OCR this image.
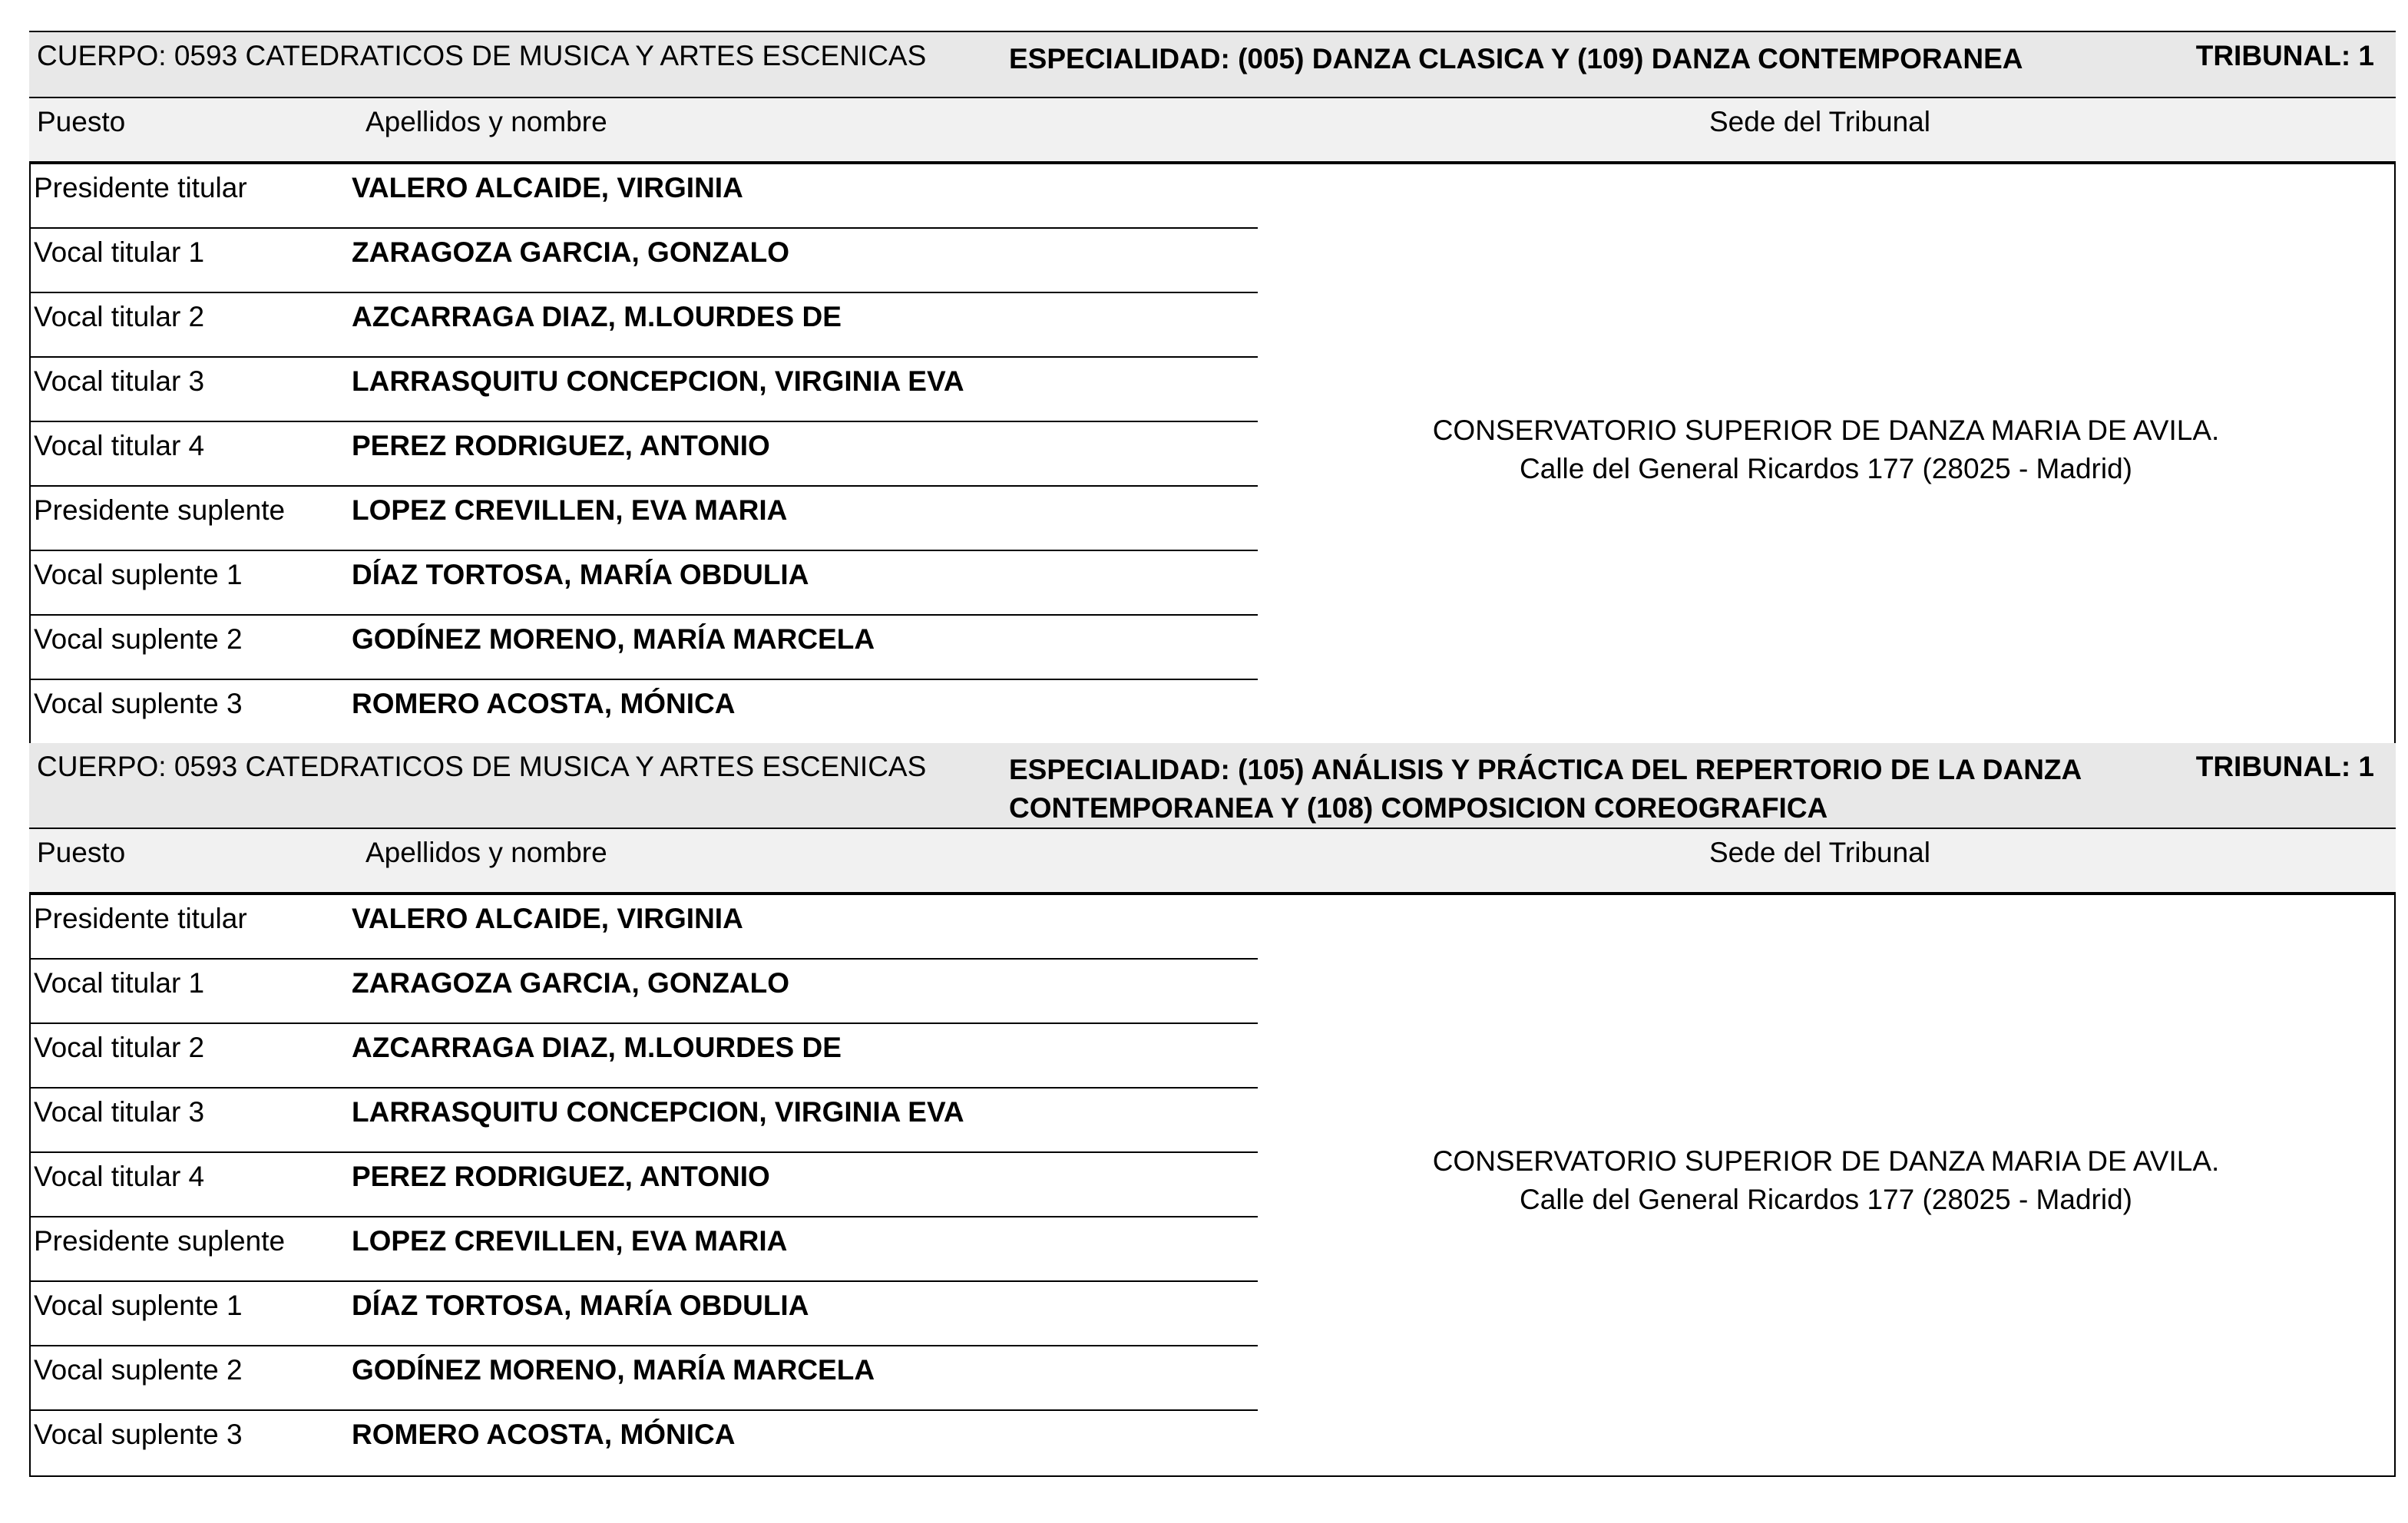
CUERPO: 0593 CATEDRATICOS DE MUSICA Y ARTES ESCENICAS	ESPECIALIDAD: (005) DANZA CLASICA Y (109) DANZA CONTEMPORANEA	TRIBUNAL: 1
Puesto	Apellidos y nombre	Sede del Tribunal
Presidente titular	VALERO ALCAIDE, VIRGINIA
Vocal titular 1	ZARAGOZA GARCIA, GONZALO
Vocal titular 2	AZCARRAGA DIAZ, M.LOURDES DE
Vocal titular 3	LARRASQUITU CONCEPCION, VIRGINIA EVA
Vocal titular 4	PEREZ RODRIGUEZ, ANTONIO
Presidente suplente LOPEZ CREVILLEN, EVA MARIA
Vocal suplente 1	DÍAZ TORTOSA, MARÍA OBDULIA
Vocal suplente 2	GODÍNEZ MORENO, MARÍA MARCELA
Vocal suplente 3	ROMERO ACOSTA, MÓNICA
CONSERVATORIO SUPERIOR DE DANZA MARIA DE AVILA.
Calle del General Ricardos 177 (28025 - Madrid)
CUERPO: 0593 CATEDRATICOS DE MUSICA Y ARTES ESCENICAS	ESPECIALIDAD: (105) ANÁLISIS Y PRÁCTICA DEL REPERTORIO DE LA DANZA CONTEMPORANEA Y (108) COMPOSICION COREOGRAFICA
TRIBUNAL: 1
Puesto	Apellidos y nombre	Sede del Tribunal
Presidente titular	VALERO ALCAIDE, VIRGINIA
Vocal titular 1	ZARAGOZA GARCIA, GONZALO
Vocal titular 2	AZCARRAGA DIAZ, M.LOURDES DE
Vocal titular 3	LARRASQUITU CONCEPCION, VIRGINIA EVA
Vocal titular 4	PEREZ RODRIGUEZ, ANTONIO
Presidente suplente LOPEZ CREVILLEN, EVA MARIA
Vocal suplente 1	DÍAZ TORTOSA, MARÍA OBDULIA
Vocal suplente 2	GODÍNEZ MORENO, MARÍA MARCELA
Vocal suplente 3	ROMERO ACOSTA, MÓNICA
CONSERVATORIO SUPERIOR DE DANZA MARIA DE AVILA.
Calle del General Ricardos 177 (28025 - Madrid)
